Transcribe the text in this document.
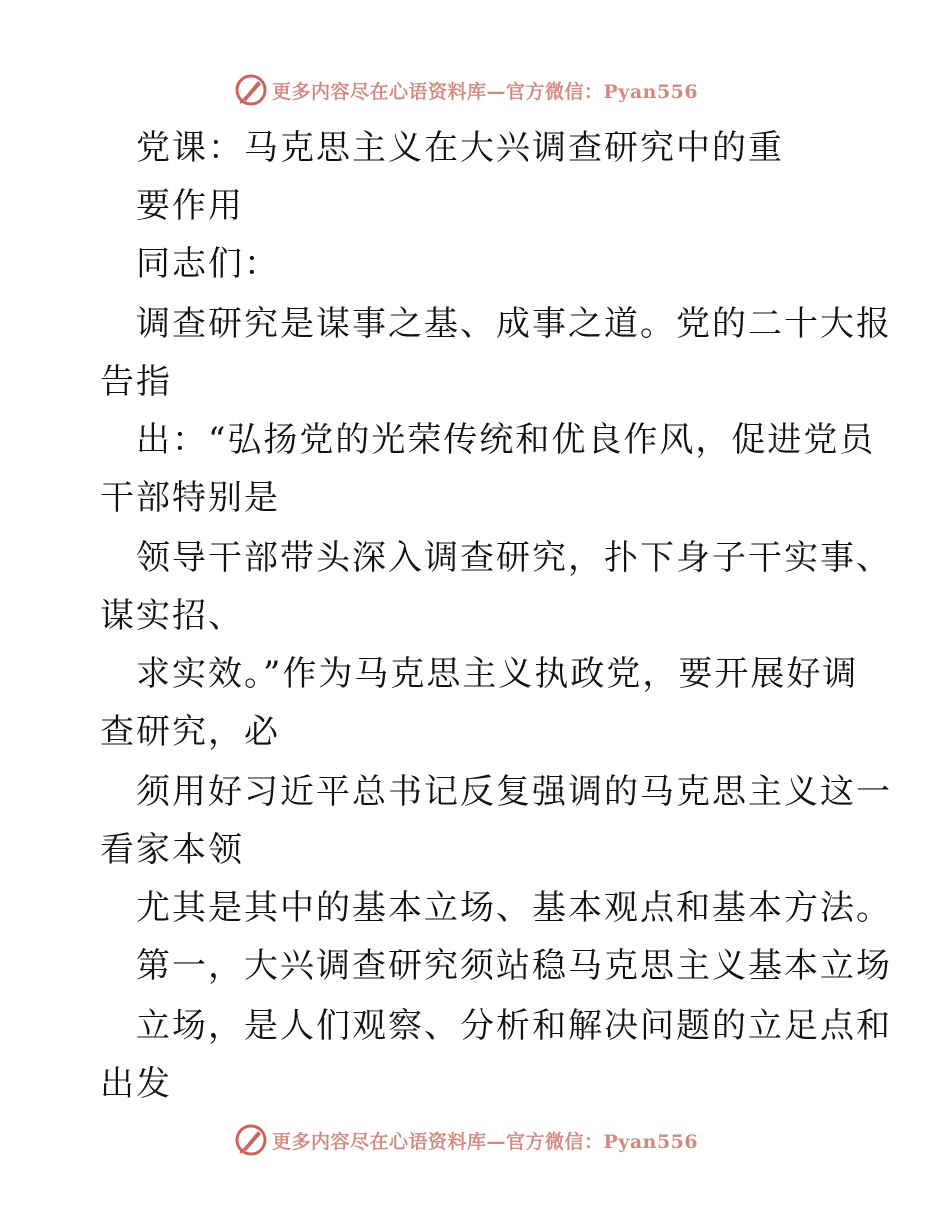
更多内容尽在心语资料库—官方微信：Pyan556
党课：马克思主义在大兴调查研究中的重
要作用
同志们：
调查研究是谋事之基、成事之道。党的二十大报
告指
出：“弘扬党的光荣传统和优良作风，促进党员
干部特别是
领导干部带头深入调查研究，扑下身子干实事、
谋实招、
求实效。”作为马克思主义执政党，要开展好调
查研究，必
须用好习近平总书记反复强调的马克思主义这一
看家本领
尤其是其中的基本立场、基本观点和基本方法。
第一，大兴调查研究须站稳马克思主义基本立场
立场，是人们观察、分析和解决问题的立足点和
出发
更多内容尽在心语资料库—官方微信：Pyan556
